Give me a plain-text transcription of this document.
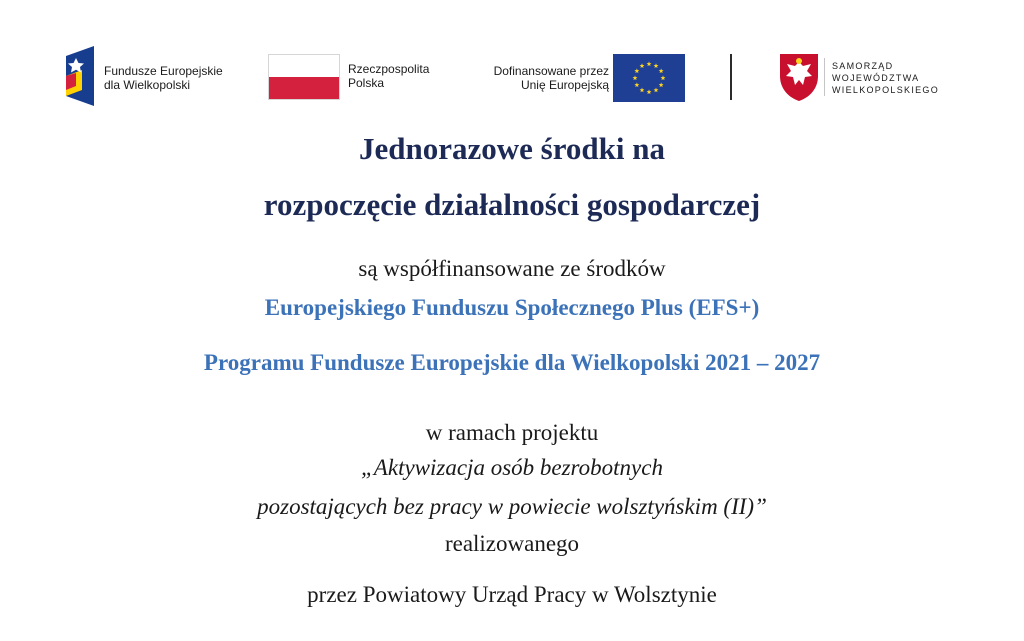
Fundusze Europejskie
dla Wielkopolski
Rzeczpospolita
Polska
Dofinansowane przez
Unię Europejską
SAMORZĄD
WOJEWÓDZTWA
WIELKOPOLSKIEGO
Jednorazowe środki na
rozpoczęcie działalności gospodarczej
są współfinansowane ze środków
Europejskiego Funduszu Społecznego Plus (EFS+)
Programu Fundusze Europejskie dla Wielkopolski 2021 – 2027
w ramach projektu
„Aktywizacja osób bezrobotnych
pozostających bez pracy w powiecie wolsztyńskim (II)”
realizowanego
przez Powiatowy Urząd Pracy w Wolsztynie
